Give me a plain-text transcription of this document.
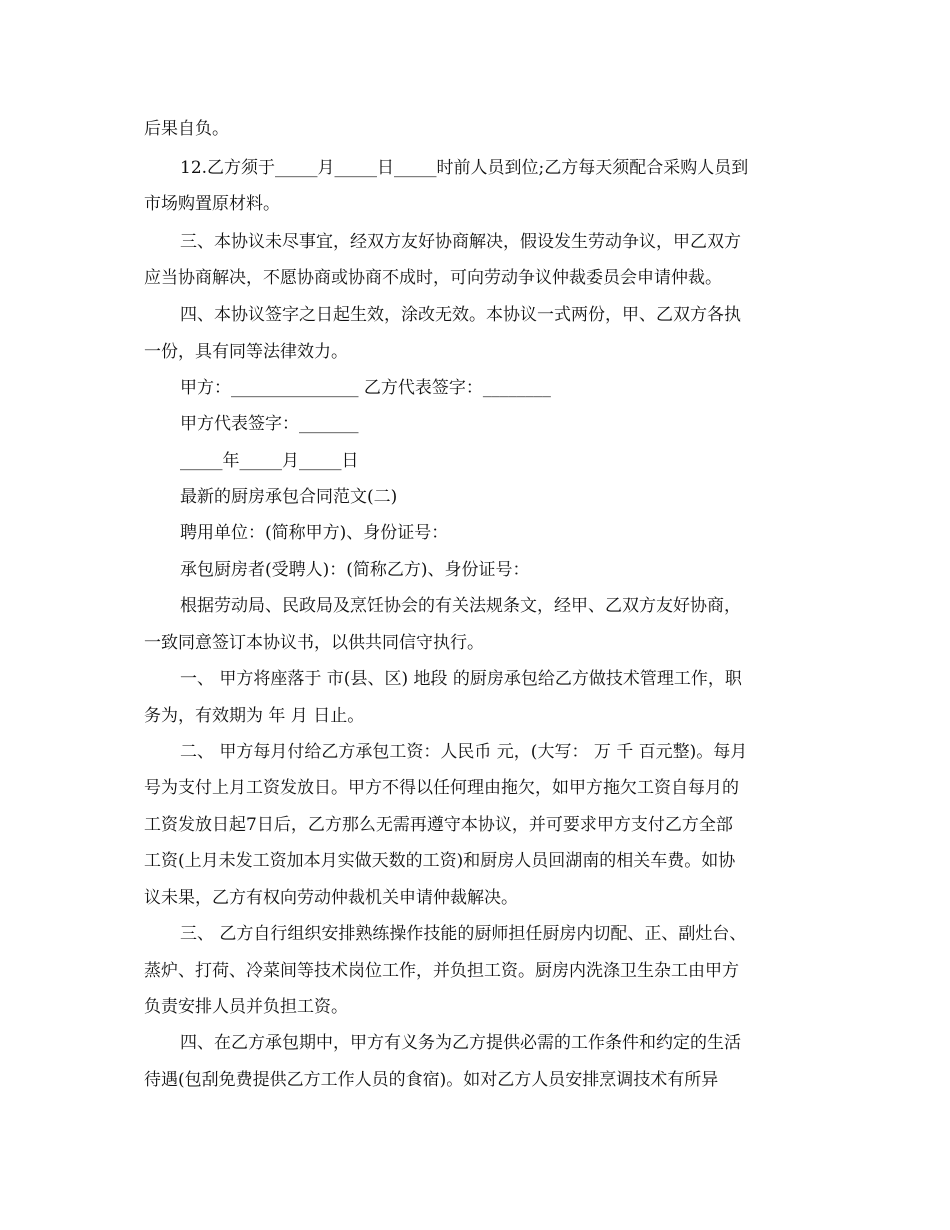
后果自负。
12.乙方须于_____月_____日_____时前人员到位;乙方每天须配合采购人员到
市场购置原材料。
三、本协议未尽事宜，经双方友好协商解决，假设发生劳动争议，甲乙双方
应当协商解决，不愿协商或协商不成时，可向劳动争议仲裁委员会申请仲裁。
四、本协议签字之日起生效，涂改无效。本协议一式两份，甲、乙双方各执
一份，具有同等法律效力。
甲方：_______________ 乙方代表签字：________
甲方代表签字：_______
_____年_____月_____日
最新的厨房承包合同范文(二)
聘用单位：(简称甲方)、身份证号：
承包厨房者(受聘人)：(简称乙方)、身份证号：
根据劳动局、民政局及烹饪协会的有关法规条文，经甲、乙双方友好协商，
一致同意签订本协议书，以供共同信守执行。
一、 甲方将座落于 市(县、区) 地段 的厨房承包给乙方做技术管理工作，职
务为，有效期为 年 月 日止。
二、 甲方每月付给乙方承包工资：人民币 元，(大写： 万 千 百元整)。每月
号为支付上月工资发放日。甲方不得以任何理由拖欠，如甲方拖欠工资自每月的
工资发放日起7日后，乙方那么无需再遵守本协议，并可要求甲方支付乙方全部
工资(上月未发工资加本月实做天数的工资)和厨房人员回湖南的相关车费。如协
议未果，乙方有权向劳动仲裁机关申请仲裁解决。
三、 乙方自行组织安排熟练操作技能的厨师担任厨房内切配、正、副灶台、
蒸炉、打荷、冷菜间等技术岗位工作，并负担工资。厨房内洗涤卫生杂工由甲方
负责安排人员并负担工资。
四、在乙方承包期中，甲方有义务为乙方提供必需的工作条件和约定的生活
待遇(包刮免费提供乙方工作人员的食宿)。如对乙方人员安排烹调技术有所异
